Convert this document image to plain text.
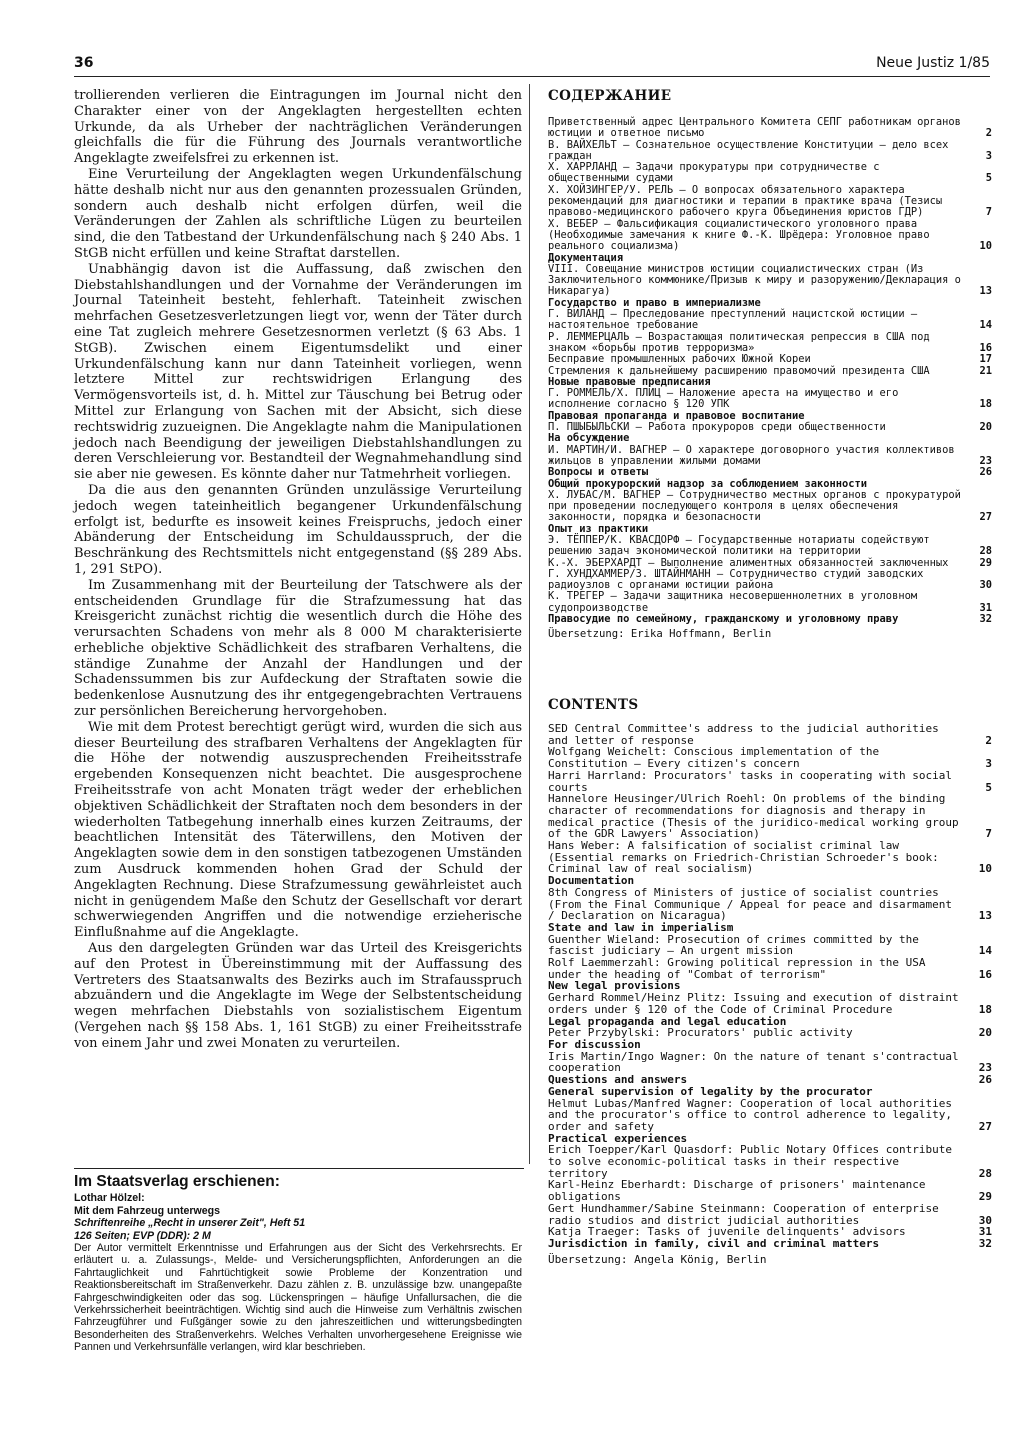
36	Neue Justiz 1/85

trollierenden verlieren die Eintragungen im Journal nicht den Charakter einer von der Angeklagten hergestellten echten Urkunde, da als Urheber der nachträglichen Veränderungen gleichfalls die für die Führung des Journals verantwortliche Angeklagte zweifelsfrei zu erkennen ist.

Eine Verurteilung der Angeklagten wegen Urkundenfälschung hätte deshalb nicht nur aus den genannten prozessualen Gründen, sondern auch deshalb nicht erfolgen dürfen, weil die Veränderungen der Zahlen als schriftliche Lügen zu beurteilen sind, die den Tatbestand der Urkundenfälschung nach § 240 Abs. 1 StGB nicht erfüllen und keine Straftat darstellen.

Unabhängig davon ist die Auffassung, daß zwischen den Diebstahlshandlungen und der Vornahme der Veränderungen im Journal Tateinheit besteht, fehlerhaft. Tateinheit zwischen mehrfachen Gesetzesverletzungen liegt vor, wenn der Täter durch eine Tat zugleich mehrere Gesetzesnormen verletzt (§ 63 Abs. 1 StGB). Zwischen einem Eigentumsdelikt und einer Urkundenfälschung kann nur dann Tateinheit vorliegen, wenn letztere Mittel zur rechtswidrigen Erlangung des Vermögensvorteils ist, d. h. Mittel zur Täuschung bei Betrug oder Mittel zur Erlangung von Sachen mit der Absicht, sich diese rechtswidrig zuzueignen. Die Angeklagte nahm die Manipulationen jedoch nach Beendigung der jeweiligen Diebstahlshandlungen zu deren Verschleierung vor. Bestandteil der Wegnahmehandlung sind sie aber nie gewesen. Es könnte daher nur Tatmehrheit vorliegen.

Da die aus den genannten Gründen unzulässige Verurteilung jedoch wegen tateinheitlich begangener Urkundenfälschung erfolgt ist, bedurfte es insoweit keines Freispruchs, jedoch einer Abänderung der Entscheidung im Schuldausspruch, der die Beschränkung des Rechtsmittels nicht entgegenstand (§§ 289 Abs. 1, 291 StPO).

Im Zusammenhang mit der Beurteilung der Tatschwere als der entscheidenden Grundlage für die Strafzumessung hat das Kreisgericht zunächst richtig die wesentlich durch die Höhe des verursachten Schadens von mehr als 8 000 M charakterisierte erhebliche objektive Schädlichkeit des strafbaren Verhaltens, die ständige Zunahme der Anzahl der Handlungen und der Schadenssummen bis zur Aufdeckung der Straftaten sowie die bedenkenlose Ausnutzung des ihr entgegengebrachten Vertrauens zur persönlichen Bereicherung hervorgehoben.

Wie mit dem Protest berechtigt gerügt wird, wurden die sich aus dieser Beurteilung des strafbaren Verhaltens der Angeklagten für die Höhe der notwendig auszusprechenden Freiheitsstrafe ergebenden Konsequenzen nicht beachtet. Die ausgesprochene Freiheitsstrafe von acht Monaten trägt weder der erheblichen objektiven Schädlichkeit der Straftaten noch dem besonders in der wiederholten Tatbegehung innerhalb eines kurzen Zeitraums, der beachtlichen Intensität des Täterwillens, den Motiven der Angeklagten sowie dem in den sonstigen tatbezogenen Umständen zum Ausdruck kommenden hohen Grad der Schuld der Angeklagten Rechnung. Diese Strafzumessung gewährleistet auch nicht in genügendem Maße den Schutz der Gesellschaft vor derart schwerwiegenden Angriffen und die notwendige erzieherische Einflußnahme auf die Angeklagte.

Aus den dargelegten Gründen war das Urteil des Kreisgerichts auf den Protest in Übereinstimmung mit der Auffassung des Vertreters des Staatsanwalts des Bezirks auch im Strafausspruch abzuändern und die Angeklagte im Wege der Selbstentscheidung wegen mehrfachen Diebstahls von sozialistischem Eigentum (Vergehen nach §§ 158 Abs. 1, 161 StGB) zu einer Freiheitsstrafe von einem Jahr und zwei Monaten zu verurteilen.

Im Staatsverlag erschienen:

Lothar Hölzel:

Mit dem Fahrzeug unterwegs

Schriftenreihe „Recht in unserer Zeit", Heft 51

126 Seiten; EVP (DDR): 2 M

Der Autor vermittelt Erkenntnisse und Erfahrungen aus der Sicht des Verkehrsrechts. Er erläutert u. a. Zulassungs-, Melde- und Versicherungspflichten, Anforderungen an die Fahrtauglichkeit und Fahrtüchtigkeit sowie Probleme der Konzentration und Reaktionsbereitschaft im Straßenverkehr. Dazu zählen z. B. unzulässige bzw. unangepaßte Fahrgeschwindigkeiten oder das sog. Lückenspringen – häufige Unfallursachen, die die Verkehrssicherheit beeinträchtigen. Wichtig sind auch die Hinweise zum Verhältnis zwischen Fahrzeugführer und Fußgänger sowie zu den jahreszeitlichen und witterungsbedingten Besonderheiten des Straßenverkehrs. Welches Verhalten unvorhergesehene Ereignisse wie Pannen und Verkehrsunfälle verlangen, wird klar beschrieben.

СОДЕРЖАНИЕ
Приветственный адрес Центрального Комитета СЕПГ работникам органов юстиции и ответное письмо	2
В. ВАЙХЕЛЬТ — Сознательное осуществление Конституции — дело всех граждан	3
Х. ХАРРЛАНД — Задачи прокуратуры при сотрудничестве с общественными судами	5
Х. ХОЙЗИНГЕР/У. РЕЛЬ — О вопросах обязательного характера рекомендаций для диагностики и терапии в практике врача (Тезисы правово-медицинского рабочего круга Объединения юристов ГДР)	7
Х. ВЕБЕР — Фальсификация социалистического уголовного права (Необходимые замечания к книге Ф.-К. Шрёдера: Уголовное право реального социализма)	10
Документация
VIII. Совещание министров юстиции социалистических стран (Из Заключительного коммюнике/Призыв к миру и разоружению/Декларация о Никарагуа)	13
Государство и право в империализме
Г. ВИЛАНД — Преследование преступлений нацистской юстиции — настоятельное требование	14
Р. ЛЕММЕРЦАЛЬ — Возрастающая политическая репрессия в США под знаком «борьбы против терроризма»	16
Бесправие промышленных рабочих Южной Кореи	17
Стремления к дальнейшему расширению правомочий президента США	21
Новые правовые предписания
Г. РОММЕЛЬ/Х. ПЛИЦ — Наложение ареста на имущество и его исполнение согласно § 120 УПК	18
Правовая пропаганда и правовое воспитание
П. ПШЫБЫЛЬСКИ — Работа прокуроров среди общественности	20
На обсуждение
И. МАРТИН/И. ВАГНЕР — О характере договорного участия коллективов жильцов в управлении жилыми домами	23
Вопросы и ответы	26
Общий прокурорский надзор за соблюдением законности
Х. ЛУБАС/М. ВАГНЕР — Сотрудничество местных органов с прокуратурой при проведении последующего контроля в целях обеспечения законности, порядка и безопасности	27
Опыт из практики
Э. ТЁППЕР/К. КВАСДОРФ — Государственные нотариаты содействуют решению задач экономической политики на территории	28
К.-Х. ЭБЕРХАРДТ — Выполнение алиментных обязанностей заключенных	29
Г. ХУНДХАММЕР/З. ШТАЙНМАНН — Сотрудничество студий заводских радиоузлов с органами юстиции района	30
К. ТРЕГЕР — Задачи защитника несовершеннолетних в уголовном судопроизводстве	31
Правосудие по семейному, гражданскому и уголовному праву	32
Übersetzung: Erika Hoffmann, Berlin
CONTENTS
SED Central Committee's address to the judicial authorities and letter of response	2
Wolfgang Weichelt: Conscious implementation of the Constitution – Every citizen's concern	3
Harri Harrland: Procurators' tasks in cooperating with social courts	5
Hannelore Heusinger/Ulrich Roehl: On problems of the binding character of recommendations for diagnosis and therapy in medical practice (Thesis of the juridico-medical working group of the GDR Lawyers' Association)	7
Hans Weber: A falsification of socialist criminal law (Essential remarks on Friedrich-Christian Schroeder's book: Criminal law of real socialism)	10
Documentation
8th Congress of Ministers of justice of socialist countries (From the Final Communique / Appeal for peace and disarmament / Declaration on Nicaragua)	13
State and law in imperialism
Guenther Wieland: Prosecution of crimes committed by the fascist judiciary – An urgent mission	14
Rolf Laemmerzahl: Growing political repression in the USA under the heading of "Combat of terrorism"	16
New legal provisions
Gerhard Rommel/Heinz Plitz: Issuing and execution of distraint orders under § 120 of the Code of Criminal Procedure	18
Legal propaganda and legal education
Peter Przybylski: Procurators' public activity	20
For discussion
Iris Martin/Ingo Wagner: On the nature of tenant s'contractual cooperation	23
Questions and answers	26
General supervision of legality by the procurator
Helmut Lubas/Manfred Wagner: Cooperation of local authorities and the procurator's office to control adherence to legality, order and safety	27
Practical experiences
Erich Toepper/Karl Quasdorf: Public Notary Offices contribute to solve economic-political tasks in their respective territory	28
Karl-Heinz Eberhardt: Discharge of prisoners' maintenance obligations	29
Gert Hundhammer/Sabine Steinmann: Cooperation of enterprise radio studios and district judicial authorities	30
Katja Traeger: Tasks of juvenile delinquents' advisors	31
Jurisdiction in family, civil and criminal matters	32
Übersetzung: Angela König, Berlin
